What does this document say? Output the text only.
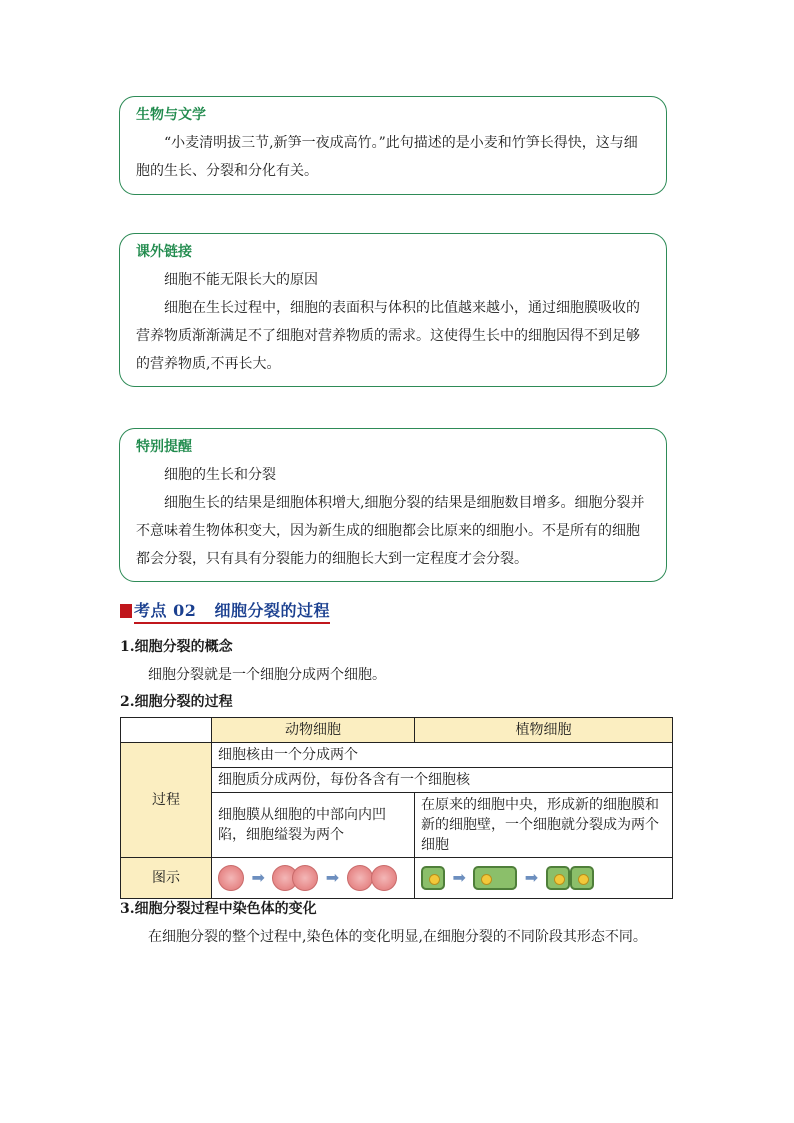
生物与文学

“小麦清明拔三节,新笋一夜成高竹。”此句描述的是小麦和竹笋长得快，这与细胞的生长、分裂和分化有关。

课外链接

细胞不能无限长大的原因

细胞在生长过程中，细胞的表面积与体积的比值越来越小，通过细胞膜吸收的营养物质渐渐满足不了细胞对营养物质的需求。这使得生长中的细胞因得不到足够的营养物质,不再长大。

特别提醒

细胞的生长和分裂

细胞生长的结果是细胞体积增大,细胞分裂的结果是细胞数目增多。细胞分裂并不意味着生物体积变大，因为新生成的细胞都会比原来的细胞小。不是所有的细胞都会分裂，只有具有分裂能力的细胞长大到一定程度才会分裂。

考点 02   细胞分裂的过程
1.细胞分裂的概念
细胞分裂就是一个细胞分成两个细胞。
2.细胞分裂的过程
	动物细胞	植物细胞
过程	细胞核由一个分成两个	
	细胞质分成两份，每份各含有一个细胞核	
	细胞膜从细胞的中部向内凹陷，细胞缢裂为两个	在原来的细胞中央，形成新的细胞膜和新的细胞壁，一个细胞就分裂成为两个细胞
图示	➡ ➡	➡ ➡
3.细胞分裂过程中染色体的变化
在细胞分裂的整个过程中,染色体的变化明显,在细胞分裂的不同阶段其形态不同。
